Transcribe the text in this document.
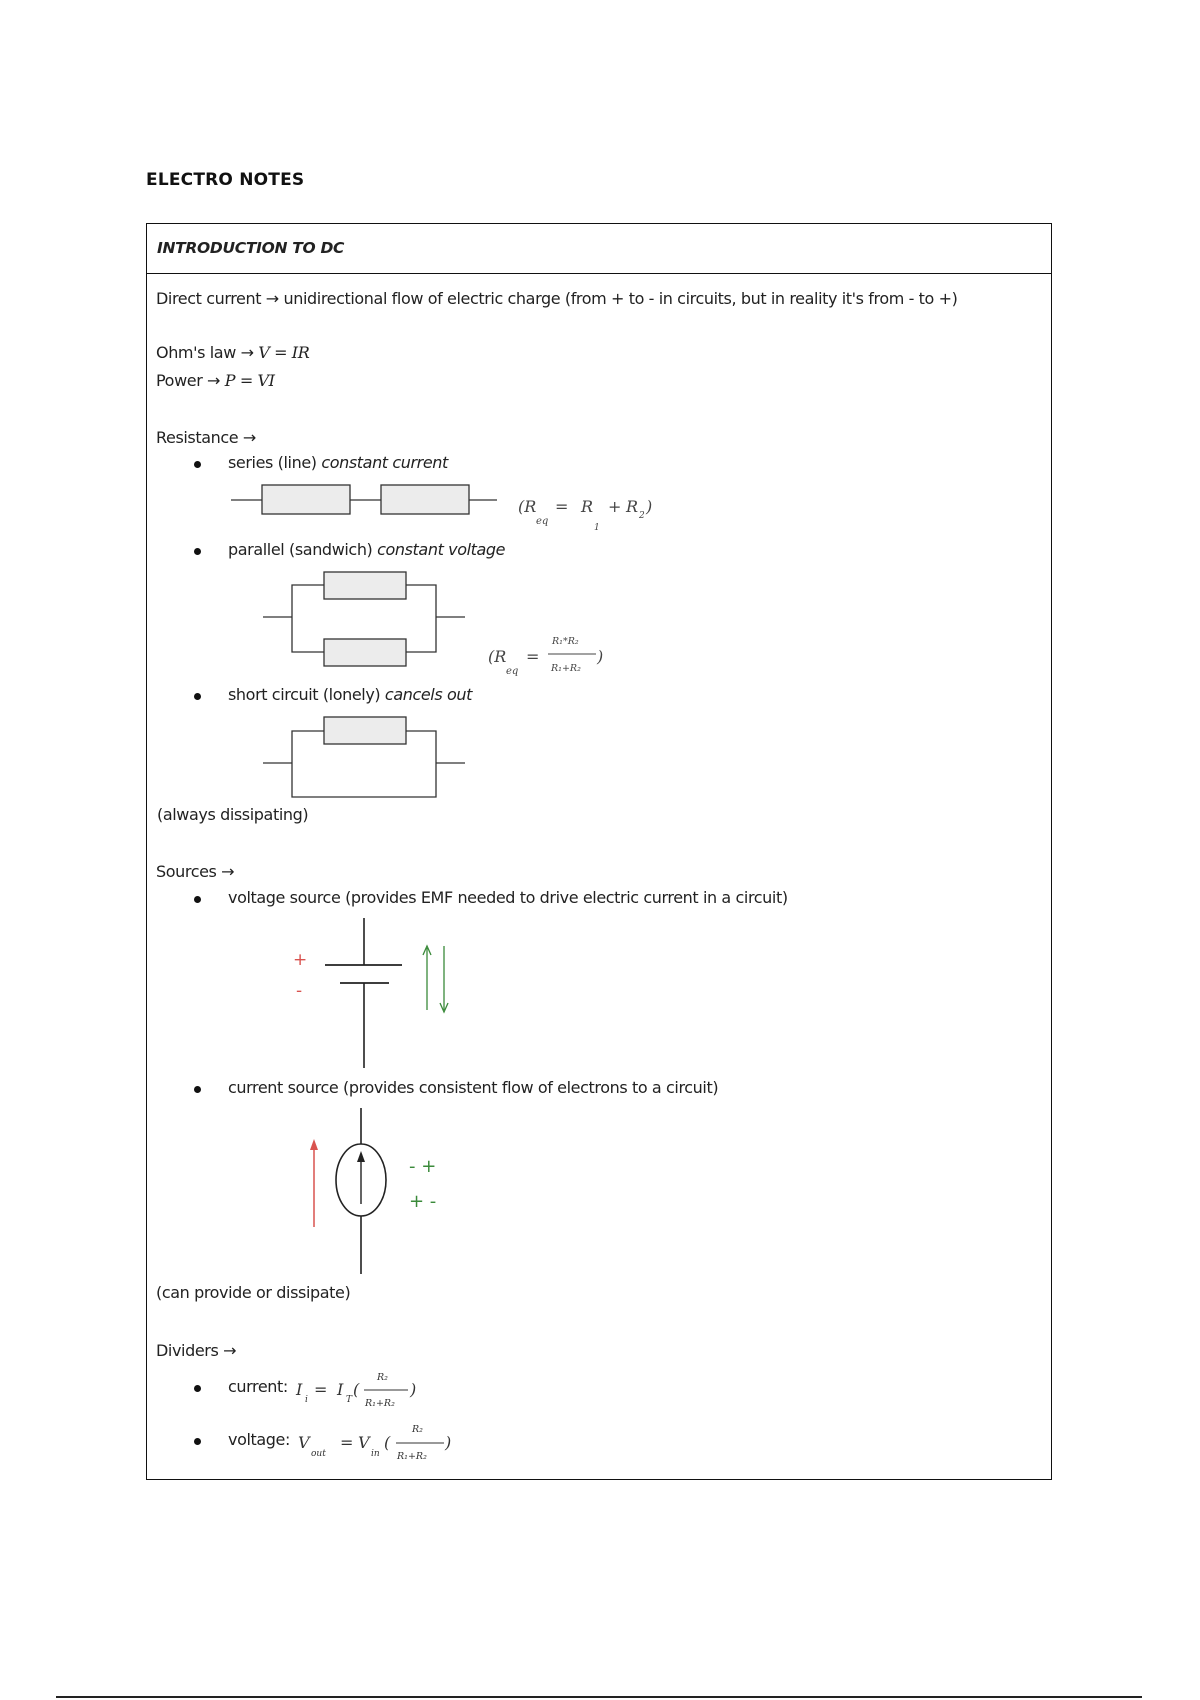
ELECTRO NOTES
INTRODUCTION TO DC
Direct current → unidirectional flow of electric charge (from + to - in circuits, but in reality it's from - to +)
Ohm's law → V = IR
Power → P = VI
Resistance →
series (line) constant current
parallel (sandwich) constant voltage
short circuit (lonely) cancels out
(always dissipating)
Sources →
voltage source (provides EMF needed to drive electric current in a circuit)
current source (provides consistent flow of electrons to a circuit)
(can provide or dissipate)
Dividers →
current:
voltage:
(R
eq
= R
1
+ R 2 )
(R
eq
=
R₁*R₂
R₁+R₂
)
+
-
- +
+ -
I
i
= I
T
(
R₂
R₁+R₂
)
V
out
= V
in
(
R₂
R₁+R₂
)
